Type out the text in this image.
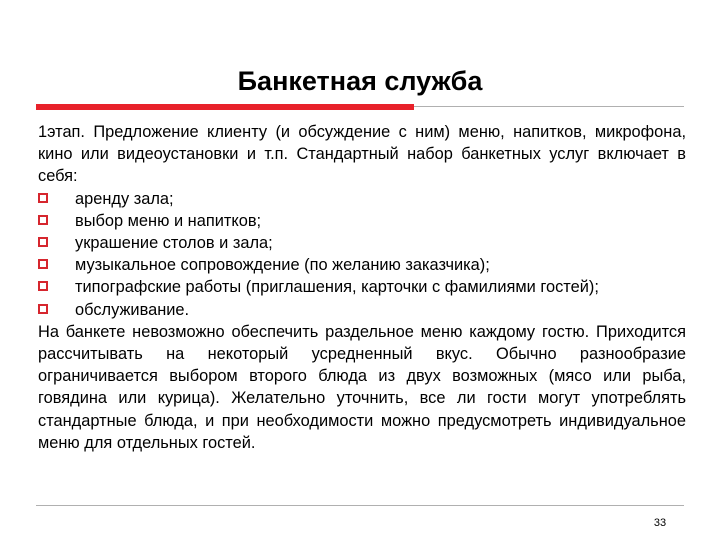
Банкетная служба

1этап. Предложение клиенту (и обсуждение с ним) меню, напитков, микрофона, кино или видеоустановки и т.п. Стандартный набор банкетных услуг включает в себя:

аренду зала;
выбор меню и напитков;
украшение столов и зала;
музыкальное сопровождение (по желанию заказчика);
типографские работы (приглашения, карточки с фамилиями гостей);
обслуживание.

На банкете невозможно обеспечить раздельное меню каждому гостю. Приходится рассчитывать на некоторый усредненный вкус. Обычно разнообразие ограничивается выбором второго блюда из двух возможных (мясо или рыба, говядина или курица). Желательно уточнить, все ли гости могут употреблять стандартные блюда, и при необходимости можно предусмотреть индивидуальное меню для отдельных гостей.

33
